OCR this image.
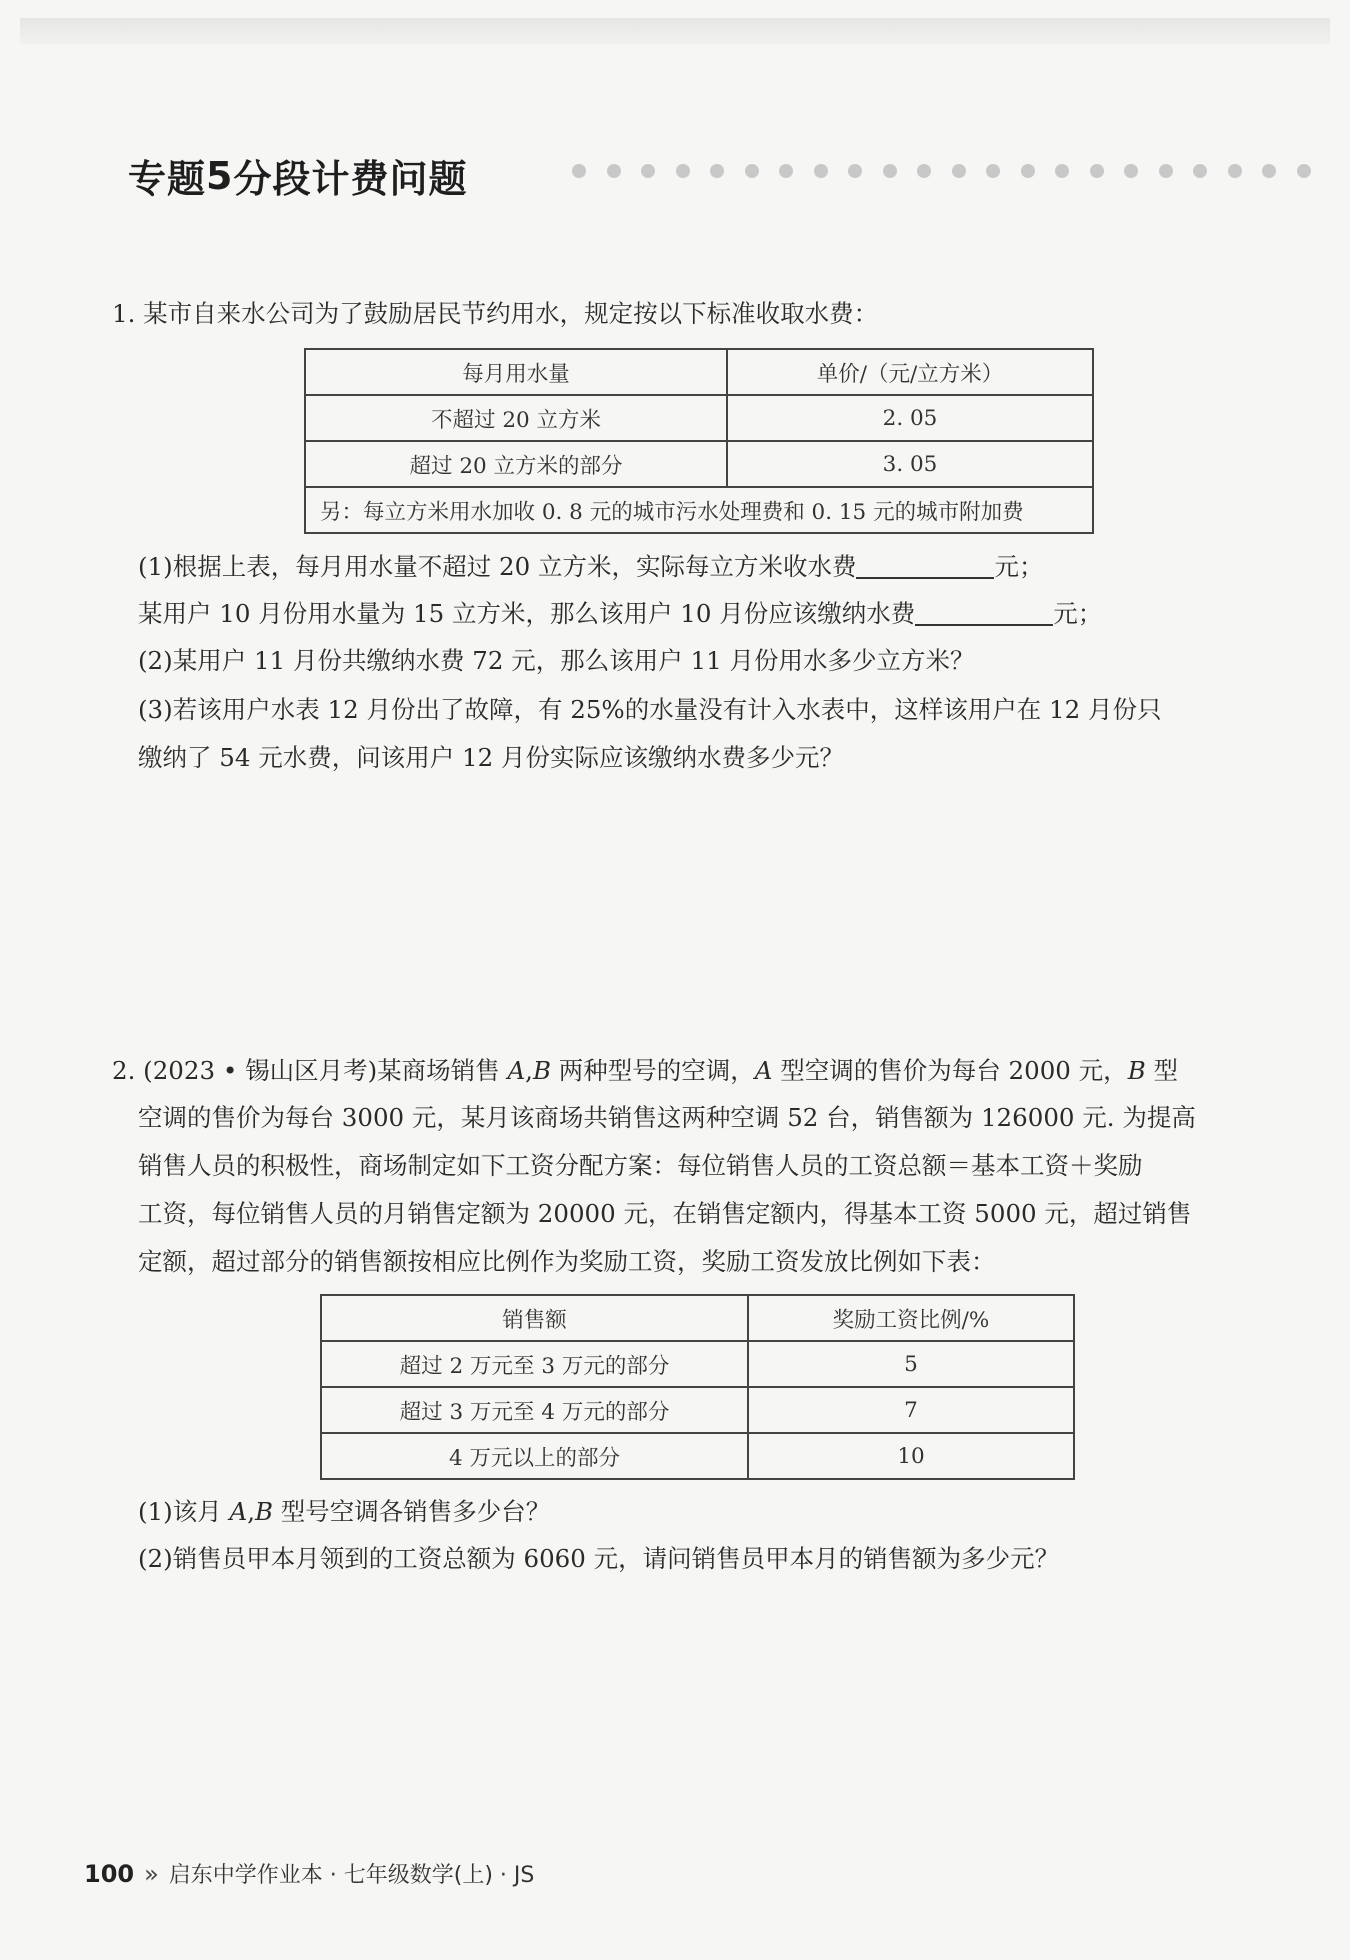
专题 5 分段计费问题
1. 某市自来水公司为了鼓励居民节约用水，规定按以下标准收取水费：
每月用水量	单价/（元/立方米）
不超过 20 立方米	2. 05
超过 20 立方米的部分	3. 05
另：每立方米用水加收 0. 8 元的城市污水处理费和 0. 15 元的城市附加费	
(1)根据上表，每月用水量不超过 20 立方米，实际每立方米收水费	元；
某用户 10 月份用水量为 15 立方米，那么该用户 10 月份应该缴纳水费	元；
(2)某用户 11 月份共缴纳水费 72 元，那么该用户 11 月份用水多少立方米？
(3)若该用户水表 12 月份出了故障，有 25%的水量没有计入水表中，这样该用户在 12 月份只
缴纳了 54 元水费，问该用户 12 月份实际应该缴纳水费多少元？
2. (2023 • 锡山区月考)某商场销售 A,B 两种型号的空调，A 型空调的售价为每台 2000 元，B 型
空调的售价为每台 3000 元，某月该商场共销售这两种空调 52 台，销售额为 126000 元. 为提高
销售人员的积极性，商场制定如下工资分配方案：每位销售人员的工资总额＝基本工资＋奖励
工资，每位销售人员的月销售定额为 20000 元，在销售定额内，得基本工资 5000 元，超过销售
定额，超过部分的销售额按相应比例作为奖励工资，奖励工资发放比例如下表：
销售额	奖励工资比例/%
超过 2 万元至 3 万元的部分	5
超过 3 万元至 4 万元的部分	7
4 万元以上的部分	10
(1)该月 A,B 型号空调各销售多少台？
(2)销售员甲本月领到的工资总额为 6060 元，请问销售员甲本月的销售额为多少元？
100 » 启东中学作业本 · 七年级数学(上) · JS
